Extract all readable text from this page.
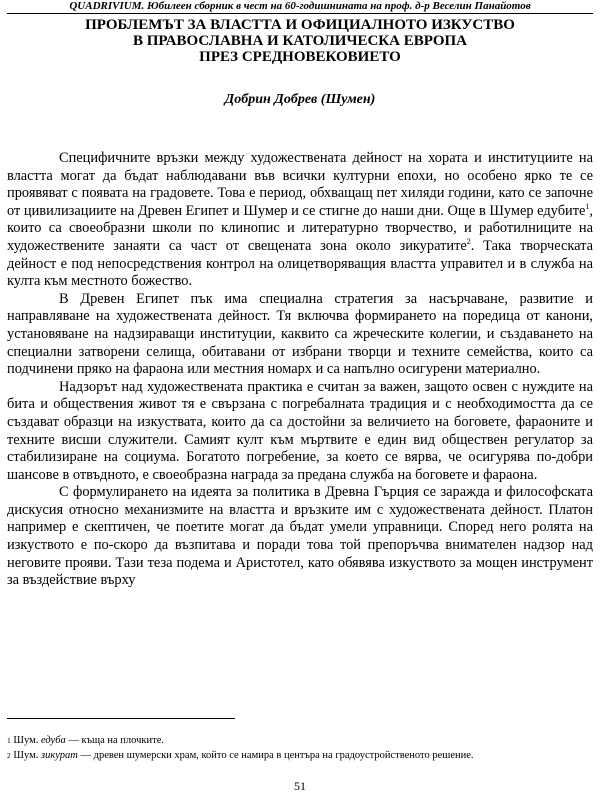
QUADRIVIUM. Юбилеен сборник в чест на 60-годишнината на проф. д-р Веселин Панайотов
ПРОБЛЕМЪТ ЗА ВЛАСТТА И ОФИЦИАЛНОТО ИЗКУСТВО
В ПРАВОСЛАВНА И КАТОЛИЧЕСКА ЕВРОПА
ПРЕЗ СРЕДНОВЕКОВИЕТО
Добрин Добрев (Шумен)

Специфичните връзки между художествената дейност на хората и институциите на властта могат да бъдат наблюдавани във всички културни епохи, но особено ярко те се проявяват с появата на градовете. Това е период, обхващащ пет хиляди години, като се започне от цивилизациите на Древен Египет и Шумер и се стигне до наши дни. Още в Шумер едубите$^1$, които са своеобразни школи по клинопис и литературно творчество, и работилниците на художествените занаяти са част от свещената зона около зикуратите$^2$. Така творческата дейност е под непосредствения контрол на олицетворяващия властта управител и в служба на култа към местното божество.

В Древен Египет пък има специална стратегия за насърчаване, развитие и направляване на художествената дейност. Тя включва формирането на поредица от канони, установяване на надзираващи институции, каквито са жреческите колегии, и създаването на специални затворени селища, обитавани от избрани творци и техните семейства, които са подчинени пряко на фараона или местния номарх и са напълно осигурени материално.

Надзорът над художествената практика е считан за важен, защото освен с нуждите на бита и обществения живот тя е свързана с погребалната традиция и с необходимостта да се създават образци на изкуствата, които да са достойни за величието на боговете, фараоните и техните висши служители. Самият култ към мъртвите е един вид обществен регулатор за стабилизиране на социума. Богатото погребение, за което се вярва, че осигурява по-добри шансове в отвъдното, е своеобразна награда за предана служба на боговете и фараона.

С формулирането на идеята за политика в Древна Гърция се заражда и философската дискусия относно механизмите на властта и връзките им с художествената дейност. Платон например е скептичен, че поетите могат да бъдат умели управници. Според него ролята на изкуството е по-скоро да възпитава и поради това той препоръчва внимателен надзор над неговите прояви. Тази теза подема и Аристотел, като обявява изкуството за мощен инструмент за въздействие върху

$^1$ Шум. едуба — къща на плочките.
$^2$ Шум. зикурат — древен шумерски храм, който се намира в центъра на градоустройственото решение.
51
